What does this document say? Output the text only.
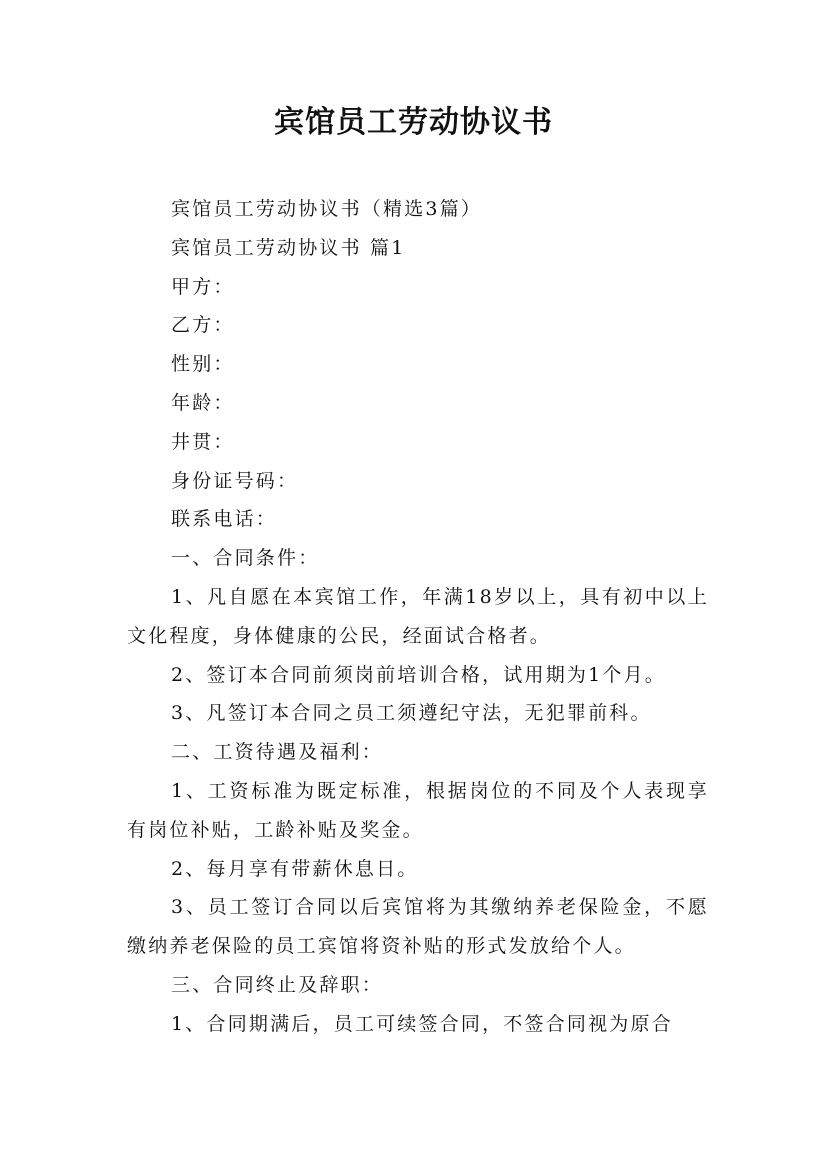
宾馆员工劳动协议书

宾馆员工劳动协议书（精选3篇）

宾馆员工劳动协议书 篇1

甲方：

乙方：

性别：

年龄：

井贯：

身份证号码：

联系电话：

一、合同条件：

1、凡自愿在本宾馆工作，年满18岁以上，具有初中以上文化程度，身体健康的公民，经面试合格者。

2、签订本合同前须岗前培训合格，试用期为1个月。

3、凡签订本合同之员工须遵纪守法，无犯罪前科。

二、工资待遇及福利：

1、工资标准为既定标准，根据岗位的不同及个人表现享有岗位补贴，工龄补贴及奖金。

2、每月享有带薪休息日。

3、员工签订合同以后宾馆将为其缴纳养老保险金，不愿缴纳养老保险的员工宾馆将资补贴的形式发放给个人。

三、合同终止及辞职：

1、合同期满后，员工可续签合同，不签合同视为原合
